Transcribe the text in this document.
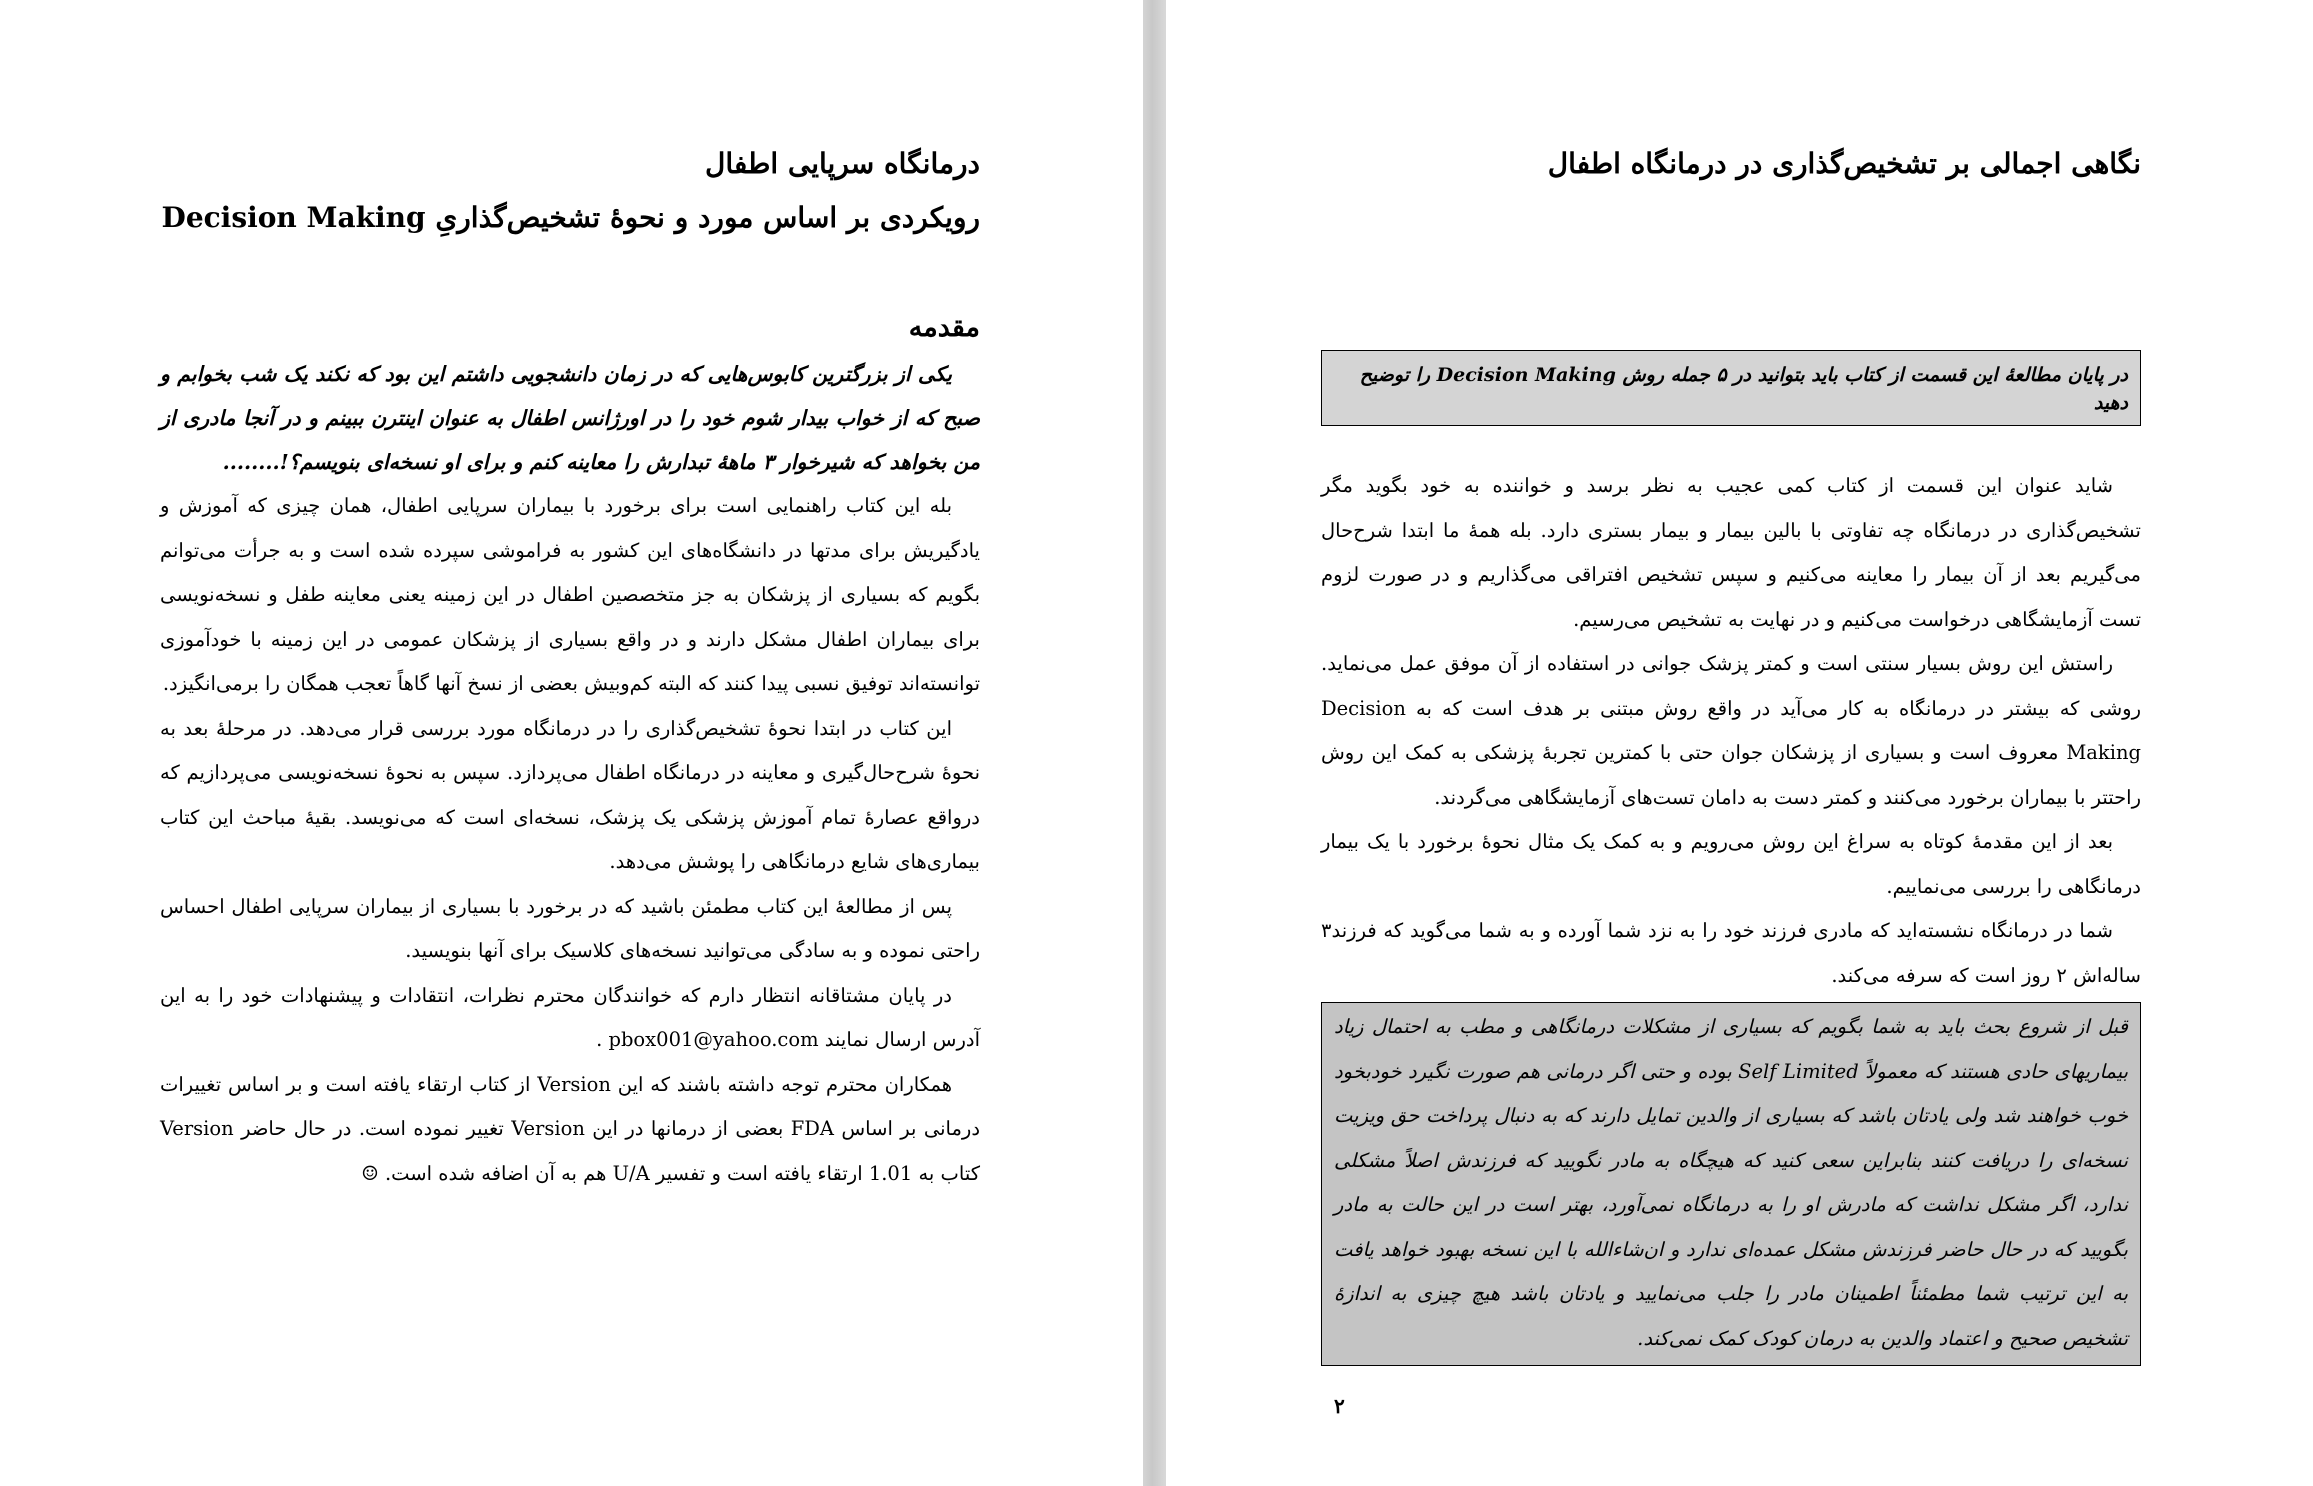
درمانگاه سرپایی اطفال
رویکردی بر اساس مورد و نحوهٔ تشخیص‌گذاریِ Decision Making
مقدمه

یکی از بزرگترین کابوس‌هایی که در زمان دانشجویی داشتم این بود که نکند یک شب بخوابم و صبح که از خواب بیدار شوم خود را در اورژانس اطفال به عنوان اینترن ببینم و در آنجا مادری از من بخواهد که شیرخوار ۳ ماههٔ تبدارش را معاینه کنم و برای او نسخه‌ای بنویسم؟!........

بله این کتاب راهنمایی است برای برخورد با بیماران سرپایی اطفال، همان چیزی که آموزش و یادگیریش برای مدتها در دانشگاه‌های این کشور به فراموشی سپرده شده است و به جرأت می‌توانم بگویم که بسیاری از پزشکان به جز متخصصین اطفال در این زمینه یعنی معاینه طفل و نسخه‌نویسی برای بیماران اطفال مشکل دارند و در واقع بسیاری از پزشکان عمومی در این زمینه با خودآموزی توانسته‌اند توفیق نسبی پیدا کنند که البته کم‌وبیش بعضی از نسخ آنها گاهاً تعجب همگان را برمی‌انگیزد.

این کتاب در ابتدا نحوهٔ تشخیص‌گذاری را در درمانگاه مورد بررسی قرار می‌دهد. در مرحلهٔ بعد به نحوهٔ شرح‌حال‌گیری و معاینه در درمانگاه اطفال می‌پردازد. سپس به نحوهٔ نسخه‌نویسی می‌پردازیم که درواقع عصارهٔ تمام آموزش پزشکی یک پزشک، نسخه‌ای است که می‌نویسد. بقیهٔ مباحث این کتاب بیماری‌های شایع درمانگاهی را پوشش می‌دهد.

پس از مطالعهٔ این کتاب مطمئن باشید که در برخورد با بسیاری از بیماران سرپایی اطفال احساس راحتی نموده و به سادگی می‌توانید نسخه‌های کلاسیک برای آنها بنویسید.

در پایان مشتاقانه انتظار دارم که خوانندگان محترم نظرات، انتقادات و پیشنهادات خود را به این آدرس ارسال نمایند pbox001@yahoo.com .

همکاران محترم توجه داشته باشند که این Version از کتاب ارتقاء یافته است و بر اساس تغییرات درمانی بر اساس FDA بعضی از درمانها در این Version تغییر نموده است. در حال حاضر Version کتاب به 1.01 ارتقاء یافته است و تفسیر U/A هم به آن اضافه شده است. ☺

نگاهی اجمالی بر تشخیص‌گذاری در درمانگاه اطفال
در پایان مطالعهٔ این قسمت از کتاب باید بتوانید در ۵ جمله روش Decision Making را توضیح دهید

شاید عنوان این قسمت از کتاب کمی عجیب به نظر برسد و خواننده به خود بگوید مگر تشخیص‌گذاری در درمانگاه چه تفاوتی با بالین بیمار و بیمار بستری دارد. بله همهٔ ما ابتدا شرح‌حال می‌گیریم بعد از آن بیمار را معاینه می‌کنیم و سپس تشخیص افتراقی می‌گذاریم و در صورت لزوم تست آزمایشگاهی درخواست می‌کنیم و در نهایت به تشخیص می‌رسیم.

راستش این روش بسیار سنتی است و کمتر پزشک جوانی در استفاده از آن موفق عمل می‌نماید. روشی که بیشتر در درمانگاه به کار می‌آید در واقع روش مبتنی بر هدف است که به Decision Making معروف است و بسیاری از پزشکان جوان حتی با کمترین تجربهٔ پزشکی به کمک این روش راحتتر با بیماران برخورد می‌کنند و کمتر دست به دامان تست‌های آزمایشگاهی می‌گردند.

بعد از این مقدمهٔ کوتاه به سراغ این روش می‌رویم و به کمک یک مثال نحوهٔ برخورد با یک بیمار درمانگاهی را بررسی می‌نماییم.

شما در درمانگاه نشسته‌اید که مادری فرزند خود را به نزد شما آورده و به شما می‌گوید که فرزند۳ ساله‌اش ۲ روز است که سرفه می‌کند.

قبل از شروع بحث باید به شما بگویم که بسیاری از مشکلات درمانگاهی و مطب به احتمال زیاد بیماریهای حادی هستند که معمولاً Self Limited بوده و حتی اگر درمانی هم صورت نگیرد خودبخود خوب خواهند شد ولی یادتان باشد که بسیاری از والدین تمایل دارند که به دنبال پرداخت حق ویزیت نسخه‌ای را دریافت کنند بنابراین سعی کنید که هیچگاه به مادر نگویید که فرزندش اصلاً مشکلی ندارد، اگر مشکل نداشت که مادرش او را به درمانگاه نمی‌آورد، بهتر است در این حالت به مادر بگویید که در حال حاضر فرزندش مشکل عمده‌ای ندارد و ان‌شاءالله با این نسخه بهبود خواهد یافت به این ترتیب شما مطمئناً اطمینان مادر را جلب می‌نمایید و یادتان باشد هیچ چیزی به اندازهٔ تشخیص صحیح و اعتماد والدین به درمان کودک کمک نمی‌کند.
۲
